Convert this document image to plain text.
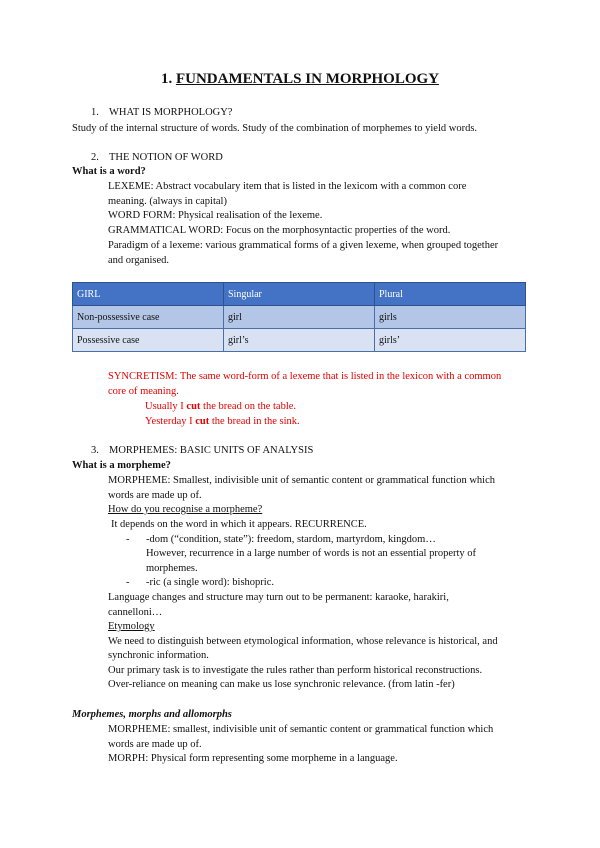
1. FUNDAMENTALS IN MORPHOLOGY
1. WHAT IS MORPHOLOGY?
Study of the internal structure of words. Study of the combination of morphemes to yield words.
2. THE NOTION OF WORD
What is a word?
LEXEME: Abstract vocabulary item that is listed in the lexicom with a common core
meaning. (always in capital)
WORD FORM: Physical realisation of the lexeme.
GRAMMATICAL WORD: Focus on the morphosyntactic properties of the word.
Paradigm of a lexeme: various grammatical forms of a given lexeme, when grouped together
and organised.
GIRL	Singular	Plural
Non-possessive case	girl	girls
Possessive case	girl’s	girls’
SYNCRETISM: The same word-form of a lexeme that is listed in the lexicon with a common
core of meaning.
Usually I cut the bread on the table.
Yesterday I cut the bread in the sink.
3. MORPHEMES: BASIC UNITS OF ANALYSIS
What is a morpheme?
MORPHEME: Smallest, indivisible unit of semantic content or grammatical function which
words are made up of.
How do you recognise a morpheme?
It depends on the word in which it appears. RECURRENCE.
- -dom (“condition, state”): freedom, stardom, martyrdom, kingdom…
However, recurrence in a large number of words is not an essential property of
morphemes.
- -ric (a single word): bishopric.
Language changes and structure may turn out to be permanent: karaoke, harakiri,
cannelloni…
Etymology
We need to distinguish between etymological information, whose relevance is historical, and
synchronic information.
Our primary task is to investigate the rules rather than perform historical reconstructions.
Over-reliance on meaning can make us lose synchronic relevance. (from latin -fer)
Morphemes, morphs and allomorphs
MORPHEME: smallest, indivisible unit of semantic content or grammatical function which
words are made up of.
MORPH: Physical form representing some morpheme in a language.
